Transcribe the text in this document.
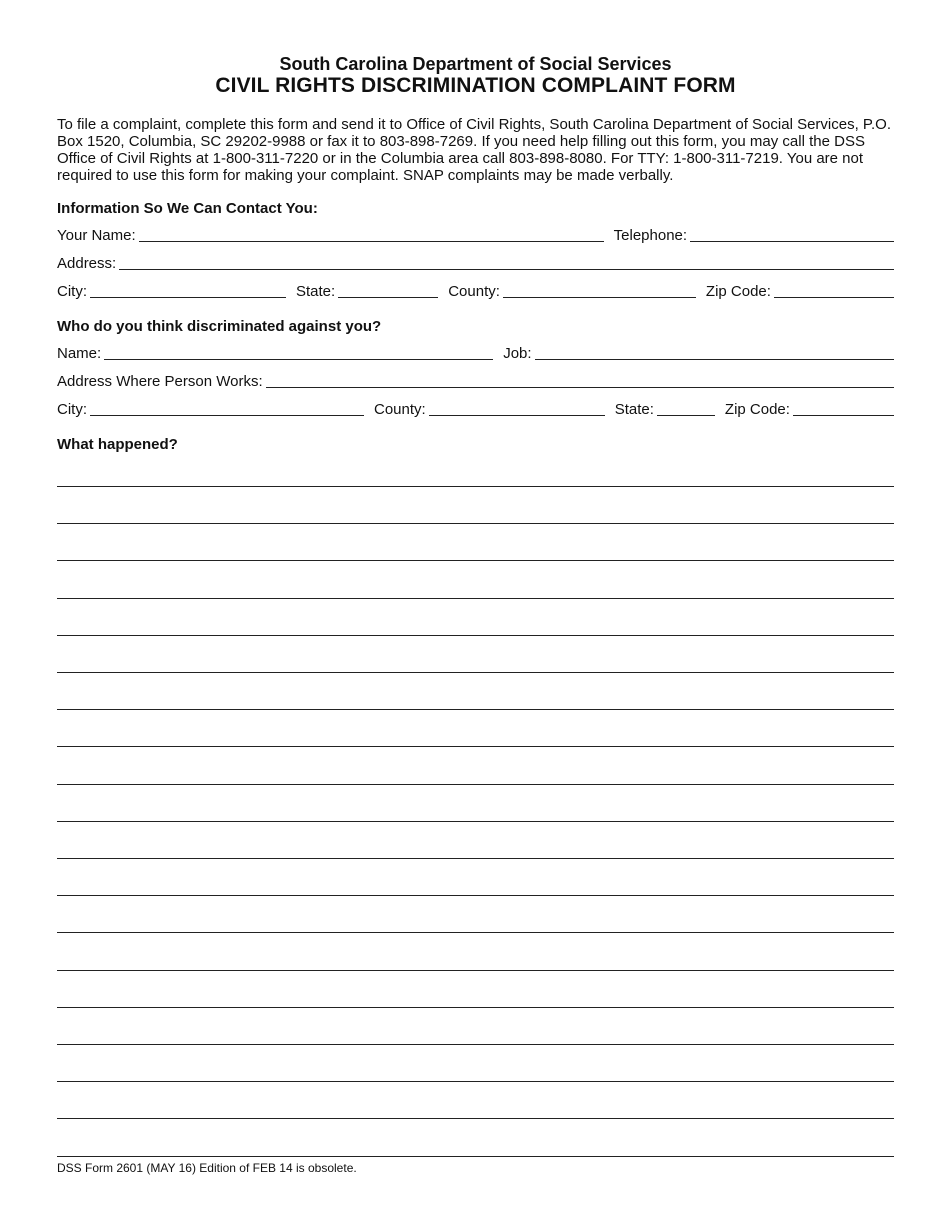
South Carolina Department of Social Services
CIVIL RIGHTS DISCRIMINATION COMPLAINT FORM
To file a complaint, complete this form and send it to Office of Civil Rights, South Carolina Department of Social Services, P.O. Box 1520, Columbia, SC 29202-9988 or fax it to 803-898-7269. If you need help filling out this form, you may call the DSS Office of Civil Rights at 1-800-311-7220 or in the Columbia area call 803-898-8080. For TTY: 1-800-311-7219. You are not required to use this form for making your complaint. SNAP complaints may be made verbally.
Information So We Can Contact You:
Your Name:	Telephone:
Address:
City:	State:	County:	Zip Code:
Who do you think discriminated against you?
Name:	Job:
Address Where Person Works:
City:	County:	State:	Zip Code:
What happened?
DSS Form 2601 (MAY 16) Edition of FEB 14 is obsolete.
